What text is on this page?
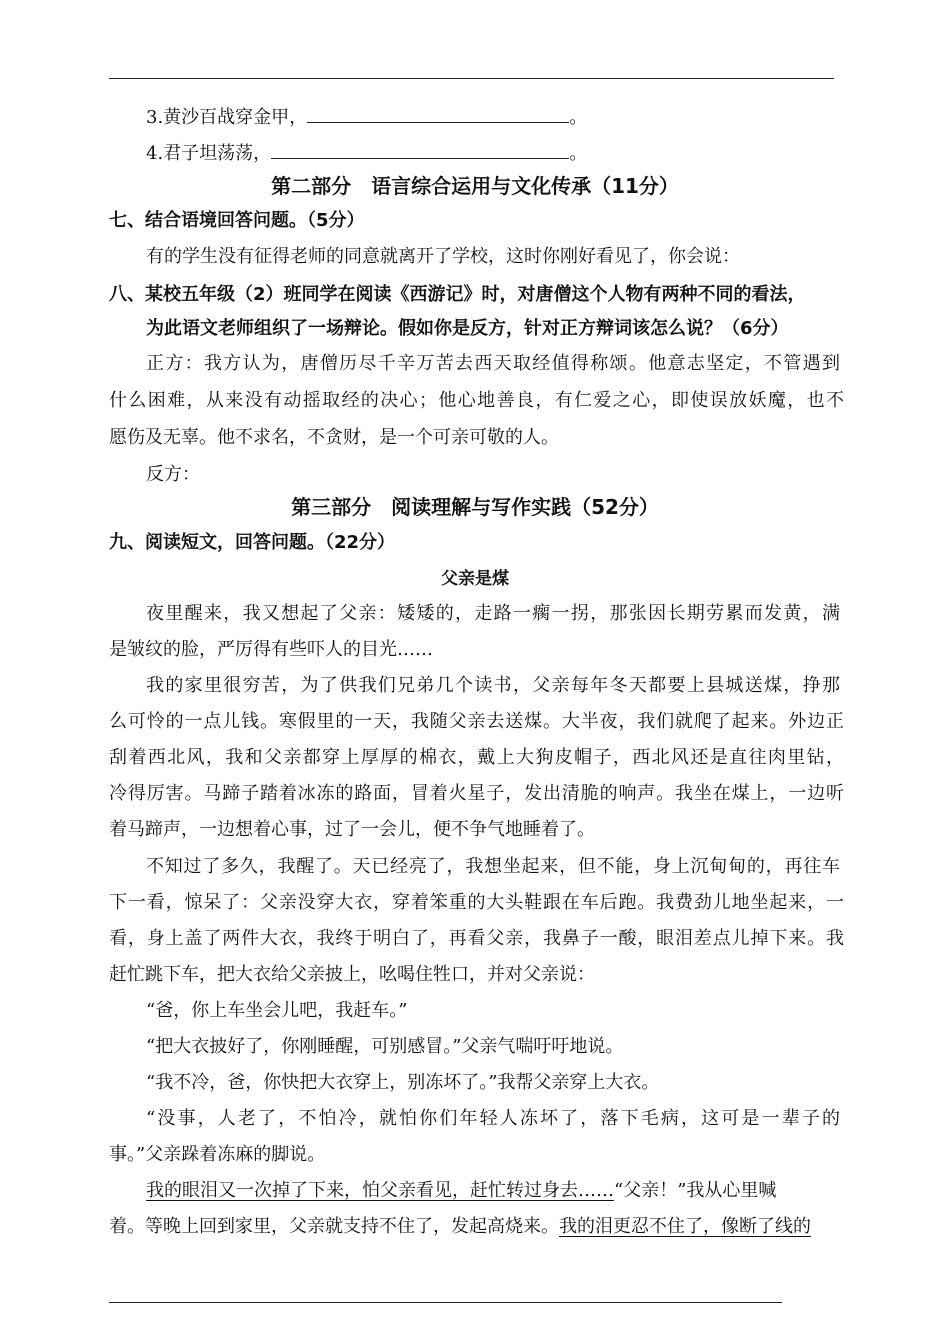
3.黄沙百战穿金甲，	。
4.君子坦荡荡，	。
第二部分　语言综合运用与文化传承（11分）
七、结合语境回答问题。（5分）
有的学生没有征得老师的同意就离开了学校，这时你刚好看见了，你会说：
八、某校五年级（2）班同学在阅读《西游记》时，对唐僧这个人物有两种不同的看法，
为此语文老师组织了一场辩论。假如你是反方，针对正方辩词该怎么说？（6分）
正方：我方认为，唐僧历尽千辛万苦去西天取经值得称颂。他意志坚定，不管遇到
什么困难，从来没有动摇取经的决心；他心地善良，有仁爱之心，即使误放妖魔，也不
愿伤及无辜。他不求名，不贪财，是一个可亲可敬的人。
反方：
第三部分　阅读理解与写作实践（52分）
九、阅读短文，回答问题。（22分）
父亲是煤
夜里醒来，我又想起了父亲：矮矮的，走路一瘸一拐，那张因长期劳累而发黄，满
是皱纹的脸，严厉得有些吓人的目光……
我的家里很穷苦，为了供我们兄弟几个读书，父亲每年冬天都要上县城送煤，挣那
么可怜的一点儿钱。寒假里的一天，我随父亲去送煤。大半夜，我们就爬了起来。外边正
刮着西北风，我和父亲都穿上厚厚的棉衣，戴上大狗皮帽子，西北风还是直往肉里钻，
冷得厉害。马蹄子踏着冰冻的路面，冒着火星子，发出清脆的响声。我坐在煤上，一边听
着马蹄声，一边想着心事，过了一会儿，便不争气地睡着了。
不知过了多久，我醒了。天已经亮了，我想坐起来，但不能，身上沉甸甸的，再往车
下一看，惊呆了：父亲没穿大衣，穿着笨重的大头鞋跟在车后跑。我费劲儿地坐起来，一
看，身上盖了两件大衣，我终于明白了，再看父亲，我鼻子一酸，眼泪差点儿掉下来。我
赶忙跳下车，把大衣给父亲披上，吆喝住牲口，并对父亲说：
“爸，你上车坐会儿吧，我赶车。”
“把大衣披好了，你刚睡醒，可别感冒。”父亲气喘吁吁地说。
“我不冷，爸，你快把大衣穿上，别冻坏了。”我帮父亲穿上大衣。
“没事，人老了，不怕冷，就怕你们年轻人冻坏了，落下毛病，这可是一辈子的
事。”父亲跺着冻麻的脚说。
我的眼泪又一次掉了下来，怕父亲看见，赶忙转过身去……“父亲！”我从心里喊
着。等晚上回到家里，父亲就支持不住了，发起高烧来。我的泪更忍不住了，像断了线的
